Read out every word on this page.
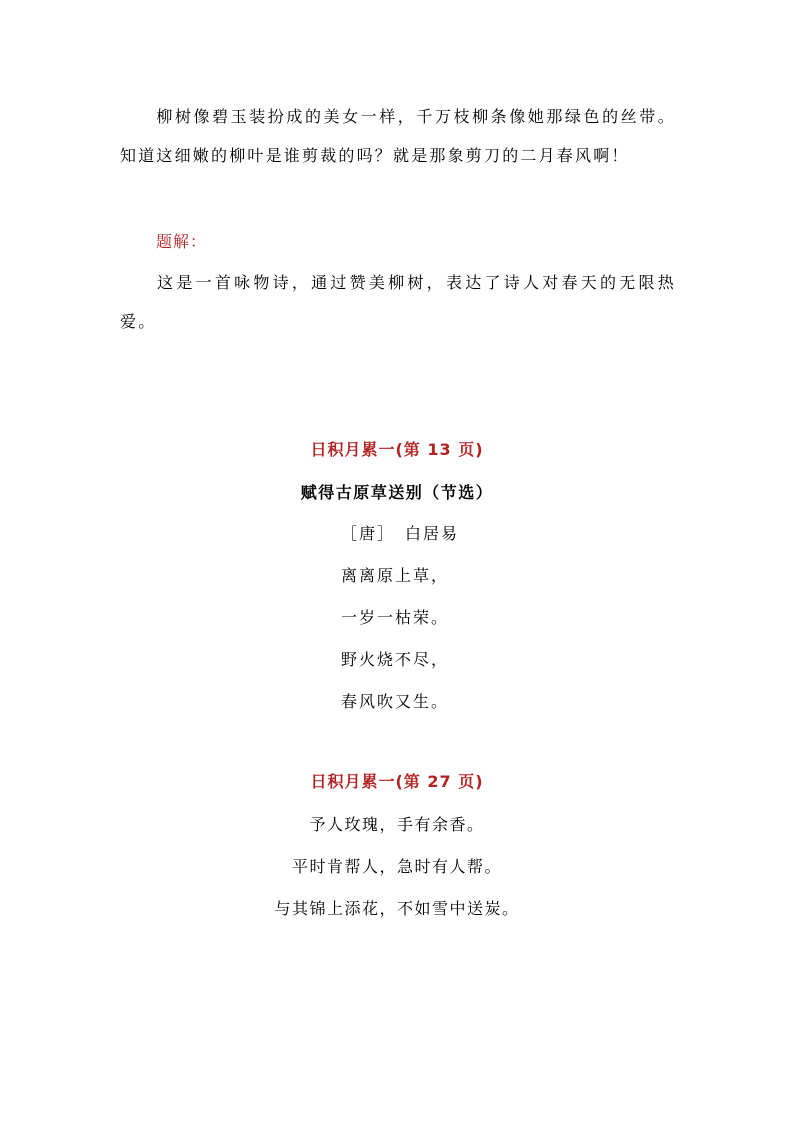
柳树像碧玉装扮成的美女一样，千万枝柳条像她那绿色的丝带。知道这细嫩的柳叶是谁剪裁的吗？就是那象剪刀的二月春风啊！
题解：
这是一首咏物诗，通过赞美柳树，表达了诗人对春天的无限热爱。
日积月累一(第 13 页)
赋得古原草送别（节选）
［唐］　白居易
离离原上草，
一岁一枯荣。
野火烧不尽，
春风吹又生。
日积月累一(第 27 页)
予人玫瑰，手有余香。
平时肯帮人，急时有人帮。
与其锦上添花，不如雪中送炭。
